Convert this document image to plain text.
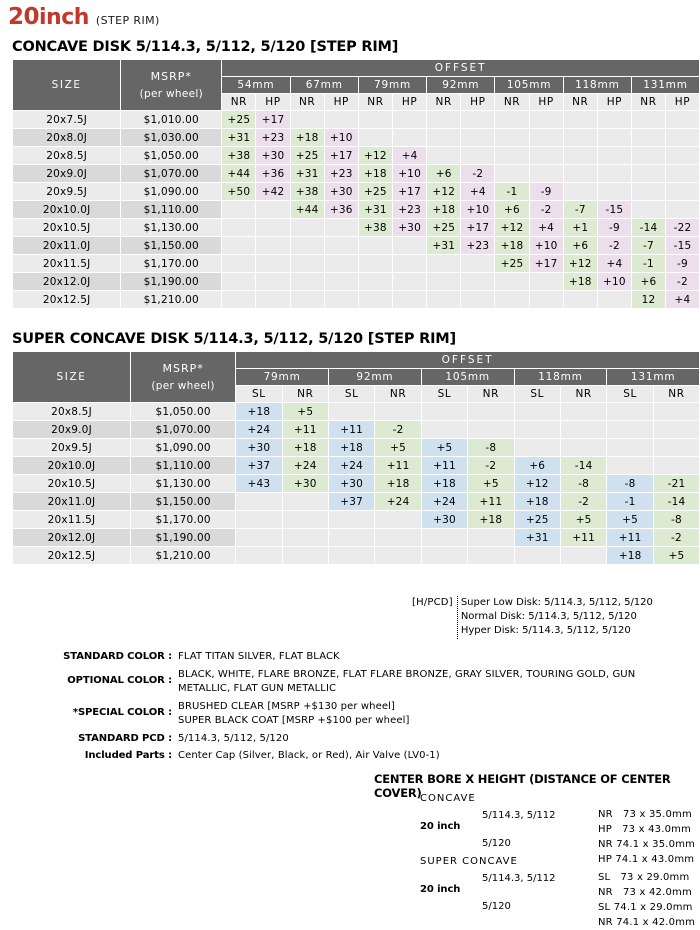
20inch (STEP RIM)
CONCAVE DISK 5/114.3, 5/112, 5/120 [STEP RIM]
SIZE	MSRP*
(per wheel)	OFFSET													
		54mm		67mm		79mm		92mm		105mm		118mm		131mm	
		NR	HP	NR	HP	NR	HP	NR	HP	NR	HP	NR	HP	NR	HP
20x7.5J	$1,010.00	+25	+17												
20x8.0J	$1,030.00	+31	+23	+18	+10										
20x8.5J	$1,050.00	+38	+30	+25	+17	+12	+4								
20x9.0J	$1,070.00	+44	+36	+31	+23	+18	+10	+6	-2						
20x9.5J	$1,090.00	+50	+42	+38	+30	+25	+17	+12	+4	-1	-9				
20x10.0J	$1,110.00			+44	+36	+31	+23	+18	+10	+6	-2	-7	-15		
20x10.5J	$1,130.00					+38	+30	+25	+17	+12	+4	+1	-9	-14	-22
20x11.0J	$1,150.00							+31	+23	+18	+10	+6	-2	-7	-15
20x11.5J	$1,170.00									+25	+17	+12	+4	-1	-9
20x12.0J	$1,190.00											+18	+10	+6	-2
20x12.5J	$1,210.00													12	+4
SUPER CONCAVE DISK 5/114.3, 5/112, 5/120 [STEP RIM]
SIZE	MSRP*
(per wheel)	OFFSET									
		79mm		92mm		105mm		118mm		131mm	
		SL	NR	SL	NR	SL	NR	SL	NR	SL	NR
20x8.5J	$1,050.00	+18	+5								
20x9.0J	$1,070.00	+24	+11	+11	-2						
20x9.5J	$1,090.00	+30	+18	+18	+5	+5	-8				
20x10.0J	$1,110.00	+37	+24	+24	+11	+11	-2	+6	-14		
20x10.5J	$1,130.00	+43	+30	+30	+18	+18	+5	+12	-8	-8	-21
20x11.0J	$1,150.00			+37	+24	+24	+11	+18	-2	-1	-14
20x11.5J	$1,170.00					+30	+18	+25	+5	+5	-8
20x12.0J	$1,190.00							+31	+11	+11	-2
20x12.5J	$1,210.00									+18	+5
[H/PCD] Super Low Disk: 5/114.3, 5/112, 5/120
Normal Disk: 5/114.3, 5/112, 5/120
Hyper Disk: 5/114.3, 5/112, 5/120
STANDARD COLOR : FLAT TITAN SILVER, FLAT BLACK
OPTIONAL COLOR :
BLACK, WHITE, FLARE BRONZE, FLAT FLARE BRONZE, GRAY SILVER, TOURING GOLD, GUN
METALLIC, FLAT GUN METALLIC
*SPECIAL COLOR :
BRUSHED CLEAR [MSRP +$130 per wheel]
SUPER BLACK COAT [MSRP +$100 per wheel]
STANDARD PCD : 5/114.3, 5/112, 5/120
Included Parts : Center Cap (Silver, Black, or Red), Air Valve (LV0-1)
CENTER BORE X HEIGHT (DISTANCE OF CENTER COVER)
CONCAVE
20 inch
5/114.3, 5/112
5/120
NR   73 x 35.0mm
HP   73 x 43.0mm
NR 74.1 x 35.0mm
HP 74.1 x 43.0mm
SUPER CONCAVE
20 inch
5/114.3, 5/112
5/120
SL   73 x 29.0mm
NR   73 x 42.0mm
SL 74.1 x 29.0mm
NR 74.1 x 42.0mm
